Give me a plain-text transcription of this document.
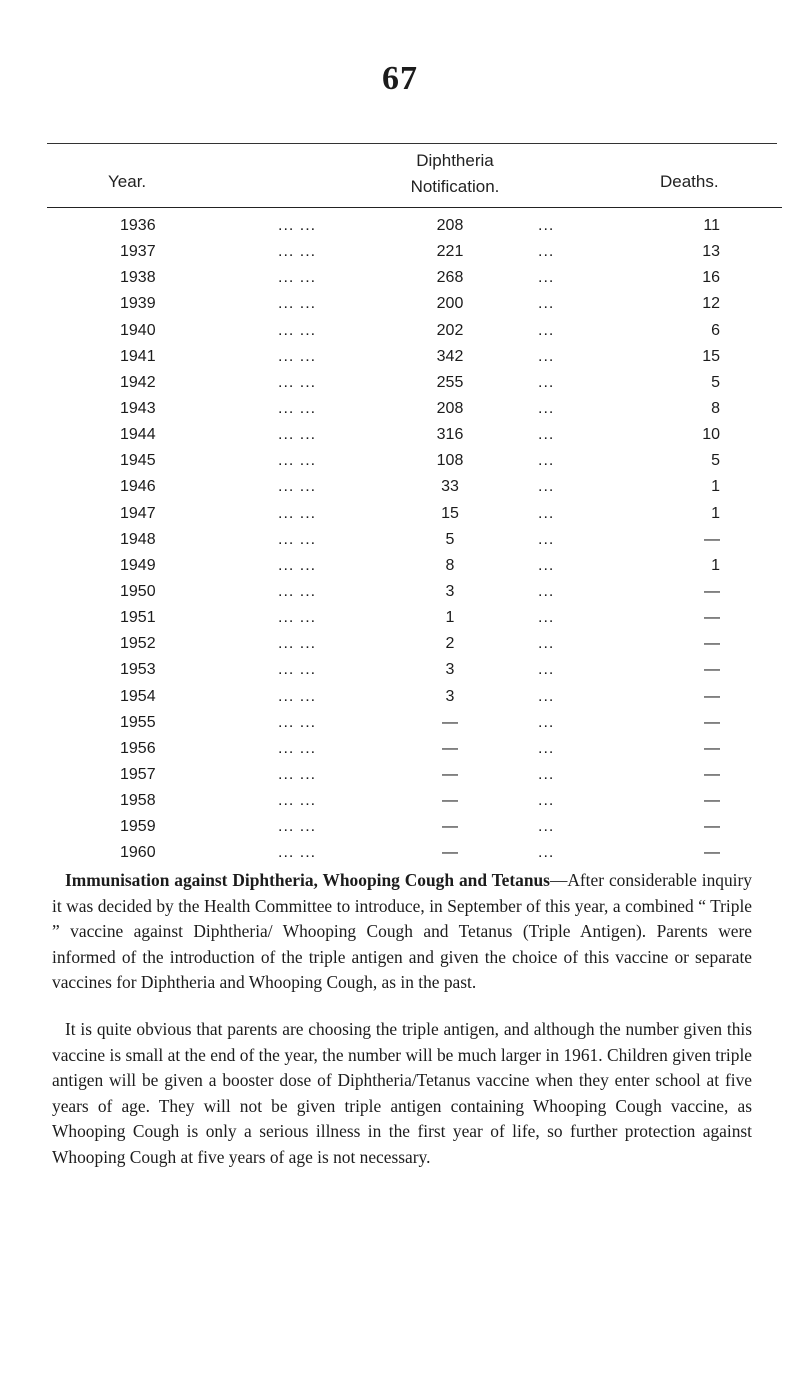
67
Year.
Diphtheria
Notification.	Deaths.
1936	... ...	208	...	11
1937	... ...	221	...	13
1938	... ...	268	...	16
1939	... ...	200	...	12
1940	... ...	202	...	6
1941	... ...	342	...	15
1942	... ...	255	...	5
1943	... ...	208	...	8
1944	... ...	316	...	10
1945	... ...	108	...	5
1946	... ...	33	...	1
1947	... ...	15	...	1
1948	... ...	5	...	—
1949	... ...	8	...	1
1950	... ...	3	...	—
1951	... ...	1	...	—
1952	... ...	2	...	—
1953	... ...	3	...	—
1954	... ...	3	...	—
1955	... ...	—	...	—
1956	... ...	—	...	—
1957	... ...	—	...	—
1958	... ...	—	...	—
1959	... ...	—	...	—
1960	... ...	—	...	—

Immunisation against Diphtheria, Whooping Cough and Tetanus—After considerable inquiry it was decided by the Health Committee to introduce, in September of this year, a combined “ Triple ” vaccine against Diphtheria/ Whooping Cough and Tetanus (Triple Antigen). Parents were informed of the introduction of the triple antigen and given the choice of this vaccine or separate vaccines for Diphtheria and Whooping Cough, as in the past.

It is quite obvious that parents are choosing the triple antigen, and although the number given this vaccine is small at the end of the year, the number will be much larger in 1961. Children given triple antigen will be given a booster dose of Diphtheria/Tetanus vaccine when they enter school at five years of age. They will not be given triple antigen containing Whooping Cough vaccine, as Whooping Cough is only a serious illness in the first year of life, so further protection against Whooping Cough at five years of age is not necessary.
